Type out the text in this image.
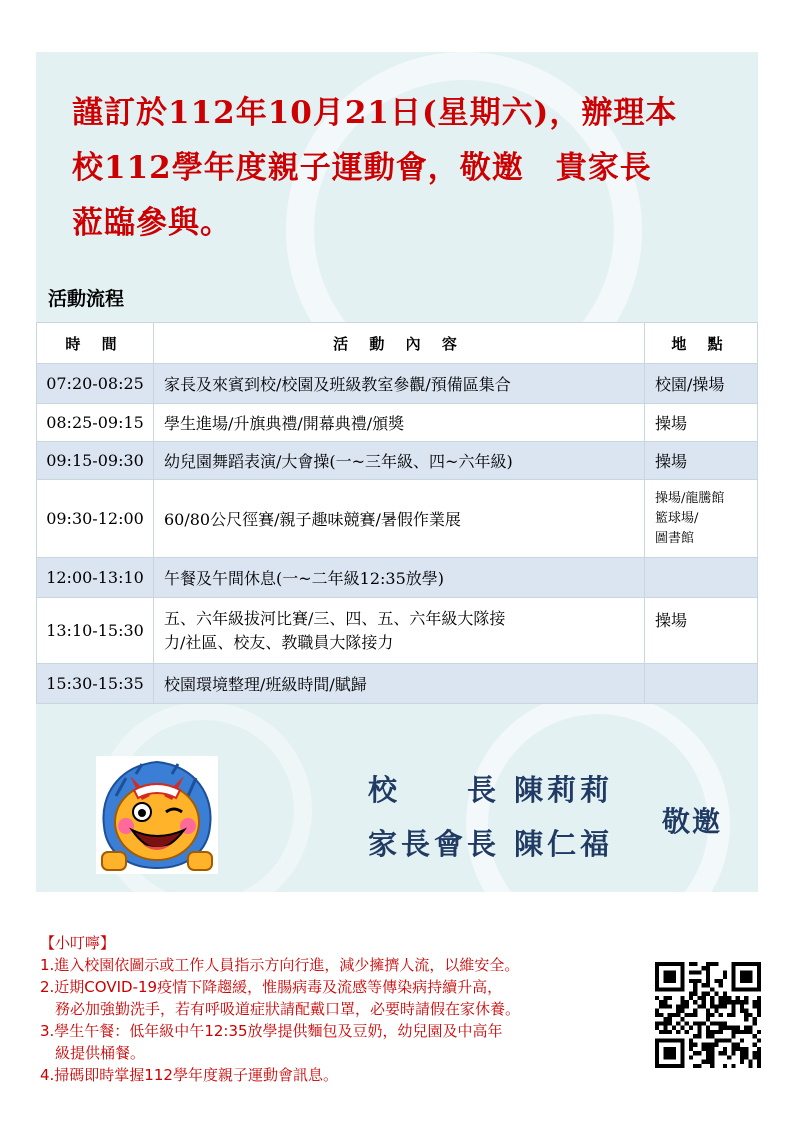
謹訂於112年10月21日(星期六)，辦理本
校112學年度親子運動會，敬邀　貴家長
蒞臨參與。
活動流程
時 間	活 動 內 容	地 點
07:20-08:25	家長及來賓到校/校園及班級教室參觀/預備區集合	校園/操場
08:25-09:15	學生進場/升旗典禮/開幕典禮/頒獎	操場
09:15-09:30	幼兒園舞蹈表演/大會操(一~三年級、四~六年級)	操場
09:30-12:00	60/80公尺徑賽/親子趣味競賽/暑假作業展	操場/龍騰館
籃球場/
圖書館

12:00-13:10	午餐及午間休息(一~二年級12:35放學)	
13:10-15:30	五、六年級拔河比賽/三、四、五、六年級大隊接
力/社區、校友、教職員大隊接力	操場
15:30-15:35	校園環境整理/班級時間/賦歸	
校　　長 陳莉莉
家長會長 陳仁福
敬邀
【小叮嚀】
1.進入校園依圖示或工作人員指示方向行進，減少擁擠人流，以維安全。
2.近期COVID-19疫情下降趨緩，惟腸病毒及流感等傳染病持續升高，
　務必加強勤洗手，若有呼吸道症狀請配戴口罩，必要時請假在家休養。
3.學生午餐：低年級中午12:35放學提供麵包及豆奶，幼兒園及中高年
　級提供桶餐。
4.掃碼即時掌握112學年度親子運動會訊息。
